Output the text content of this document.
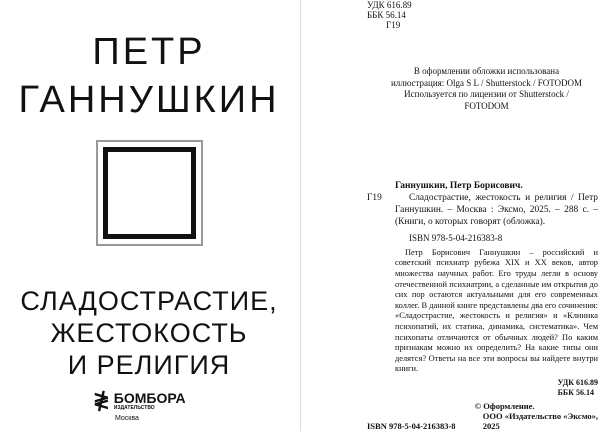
ПЕТР
ГАННУШКИН
СЛАДОСТРАСТИЕ,
ЖЕСТОКОСТЬ
И РЕЛИГИЯ
≹ БОМБОРА
ИЗДАТЕЛЬСТВО
Москва
УДК 616.89
ББК 56.14
Г19
В оформлении обложки использована
иллюстрация: Olga S L / Shutterstock / FOTODOM
Используется по лицензии от Shutterstock /
FOTODOM
Ганнушкин, Петр Борисович.
Г19	Сладострастие, жестокость и религия / Петр Ганнушкин. – Москва : Эксмо, 2025. – 288 с. – (Книги, о которых говорят (обложка).
ISBN 978-5-04-216383-8
Петр Борисович Ганнушкин – российский и советский психиатр рубежа XIX и XX веков, автор множества научных работ. Его труды легли в основу отечественной психиатрии, а сделанные им открытия до сих пор остаются актуальными для его современных коллег. В данной книге представлены два его сочинения: «Сладострастие, жестокость и религия» и «Клиника психопатий, их статика, динамика, систематика». Чем психопаты отличаются от обычных людей? По каким признакам можно их определить? На какие типы они делятся? Ответы на все эти вопросы вы найдете внутри книги.
УДК 616.89
ББК 56.14
ISBN 978-5-04-216383-8
© Оформление.
ООО «Издательство «Эксмо»,
2025
